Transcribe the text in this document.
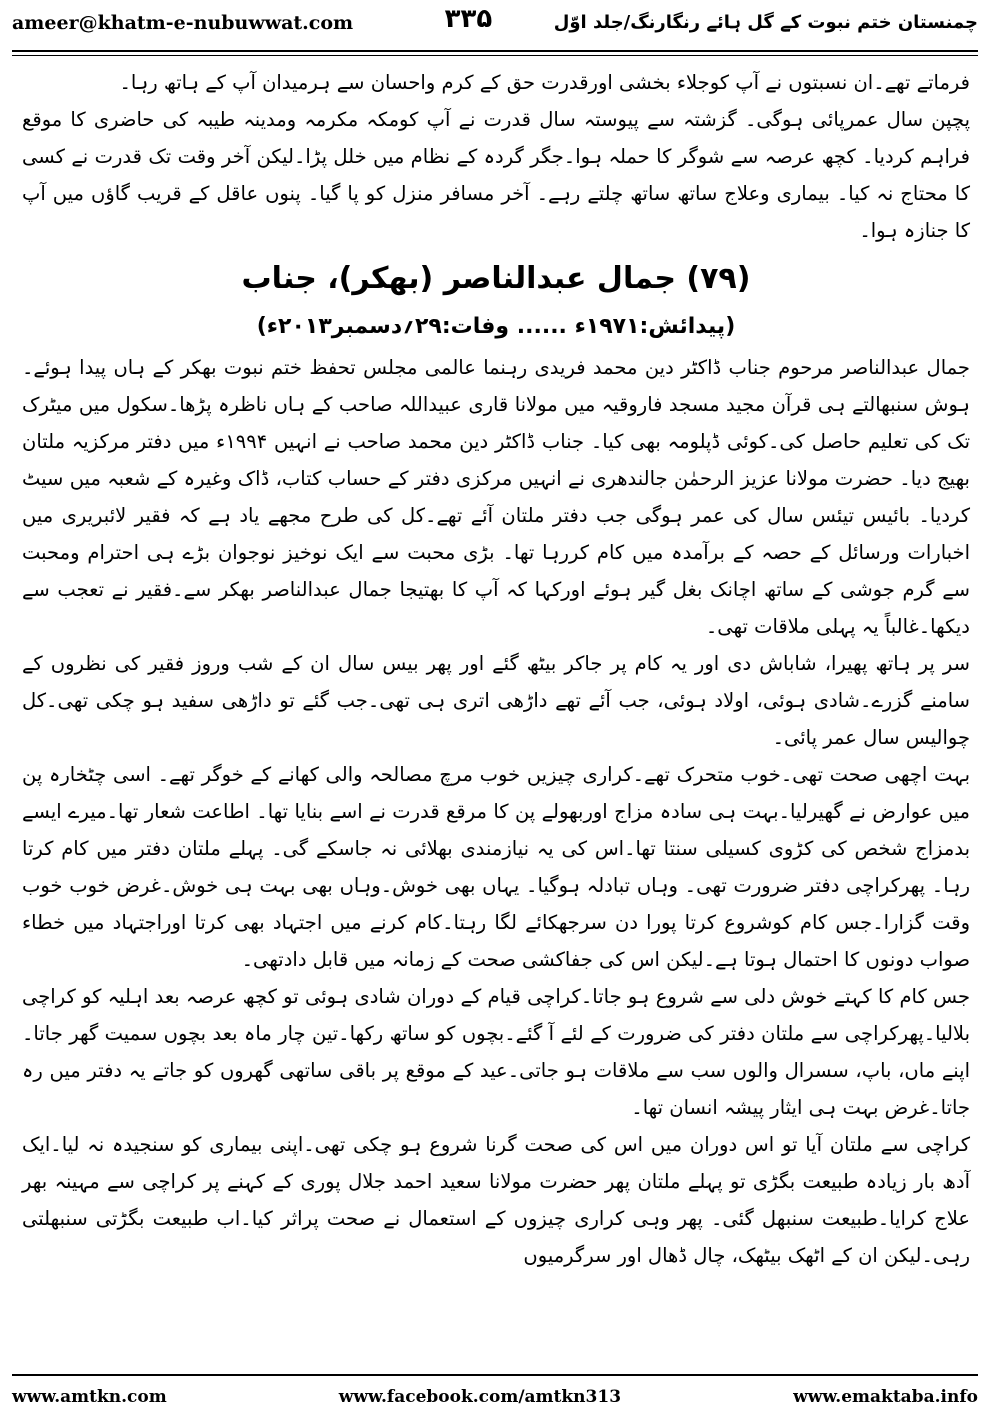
ameer@khatm-e-nubuwwat.com	۳۳۵	چمنستان ختم نبوت کے گل ہائے رنگارنگ/جلد اوّل

فرماتے تھے۔ان نسبتوں نے آپ کوجلاء بخشی اورقدرت حق کے کرم واحسان سے ہرمیدان آپ کے ہاتھ رہا۔

پچپن سال عمرپائی ہوگی۔ گزشتہ سے پیوستہ سال قدرت نے آپ کومکہ مکرمہ ومدینہ طیبہ کی حاضری کا موقع فراہم کردیا۔ کچھ عرصہ سے شوگر کا حملہ ہوا۔جگر گردہ کے نظام میں خلل پڑا۔لیکن آخر وقت تک قدرت نے کسی کا محتاج نہ کیا۔ بیماری وعلاج ساتھ ساتھ چلتے رہے۔ آخر مسافر منزل کو پا گیا۔ پنوں عاقل کے قریب گاؤں میں آپ کا جنازہ ہوا۔

(۷۹) جمال عبدالناصر (بھکر)، جناب
(پیدائش:۱۹۷۱ء ...... وفات:۲۹؍دسمبر۲۰۱۳ء)

جمال عبدالناصر مرحوم جناب ڈاکٹر دین محمد فریدی رہنما عالمی مجلس تحفظ ختم نبوت بھکر کے ہاں پیدا ہوئے۔ہوش سنبھالتے ہی قرآن مجید مسجد فاروقیہ میں مولانا قاری عبیداللہ صاحب کے ہاں ناظرہ پڑھا۔سکول میں میٹرک تک کی تعلیم حاصل کی۔کوئی ڈپلومہ بھی کیا۔ جناب ڈاکٹر دین محمد صاحب نے انہیں ۱۹۹۴ء میں دفتر مرکزیہ ملتان بھیج دیا۔ حضرت مولانا عزیز الرحمٰن جالندھری نے انہیں مرکزی دفتر کے حساب کتاب، ڈاک وغیرہ کے شعبہ میں سیٹ کردیا۔ بائیس تیئس سال کی عمر ہوگی جب دفتر ملتان آئے تھے۔کل کی طرح مجھے یاد ہے کہ فقیر لائبریری میں اخبارات ورسائل کے حصہ کے برآمدہ میں کام کررہا تھا۔ بڑی محبت سے ایک نوخیز نوجوان بڑے ہی احترام ومحبت سے گرم جوشی کے ساتھ اچانک بغل گیر ہوئے اورکہا کہ آپ کا بھتیجا جمال عبدالناصر بھکر سے۔فقیر نے تعجب سے دیکھا۔غالباً یہ پہلی ملاقات تھی۔

سر پر ہاتھ پھیرا، شاباش دی اور یہ کام پر جاکر بیٹھ گئے اور پھر بیس سال ان کے شب وروز فقیر کی نظروں کے سامنے گزرے۔شادی ہوئی، اولاد ہوئی، جب آئے تھے داڑھی اتری ہی تھی۔جب گئے تو داڑھی سفید ہو چکی تھی۔کل چوالیس سال عمر پائی۔

بہت اچھی صحت تھی۔خوب متحرک تھے۔کراری چیزیں خوب مرچ مصالحہ والی کھانے کے خوگر تھے۔ اسی چٹخارہ پن میں عوارض نے گھیرلیا۔بہت ہی سادہ مزاج اوربھولے پن کا مرقع قدرت نے اسے بنایا تھا۔ اطاعت شعار تھا۔میرے ایسے بدمزاج شخص کی کڑوی کسیلی سنتا تھا۔اس کی یہ نیازمندی بھلائی نہ جاسکے گی۔ پہلے ملتان دفتر میں کام کرتا رہا۔ پھرکراچی دفتر ضرورت تھی۔ وہاں تبادلہ ہوگیا۔ یہاں بھی خوش۔وہاں بھی بہت ہی خوش۔غرض خوب خوب وقت گزارا۔جس کام کوشروع کرتا پورا دن سرجھکائے لگا رہتا۔کام کرنے میں اجتہاد بھی کرتا اوراجتہاد میں خطاء صواب دونوں کا احتمال ہوتا ہے۔لیکن اس کی جفاکشی صحت کے زمانہ میں قابل دادتھی۔

جس کام کا کہتے خوش دلی سے شروع ہو جاتا۔کراچی قیام کے دوران شادی ہوئی تو کچھ عرصہ بعد اہلیہ کو کراچی بلالیا۔پھرکراچی سے ملتان دفتر کی ضرورت کے لئے آ گئے۔بچوں کو ساتھ رکھا۔تین چار ماہ بعد بچوں سمیت گھر جاتا۔اپنے ماں، باپ، سسرال والوں سب سے ملاقات ہو جاتی۔عید کے موقع پر باقی ساتھی گھروں کو جاتے یہ دفتر میں رہ جاتا۔غرض بہت ہی ایثار پیشہ انسان تھا۔

کراچی سے ملتان آیا تو اس دوران میں اس کی صحت گرنا شروع ہو چکی تھی۔اپنی بیماری کو سنجیدہ نہ لیا۔ایک آدھ بار زیادہ طبیعت بگڑی تو پہلے ملتان پھر حضرت مولانا سعید احمد جلال پوری کے کہنے پر کراچی سے مہینہ بھر علاج کرایا۔طبیعت سنبھل گئی۔ پھر وہی کراری چیزوں کے استعمال نے صحت پراثر کیا۔اب طبیعت بگڑتی سنبھلتی رہی۔لیکن ان کے اٹھک بیٹھک، چال ڈھال اور سرگرمیوں

www.amtkn.com	www.facebook.com/amtkn313	www.emaktaba.info
